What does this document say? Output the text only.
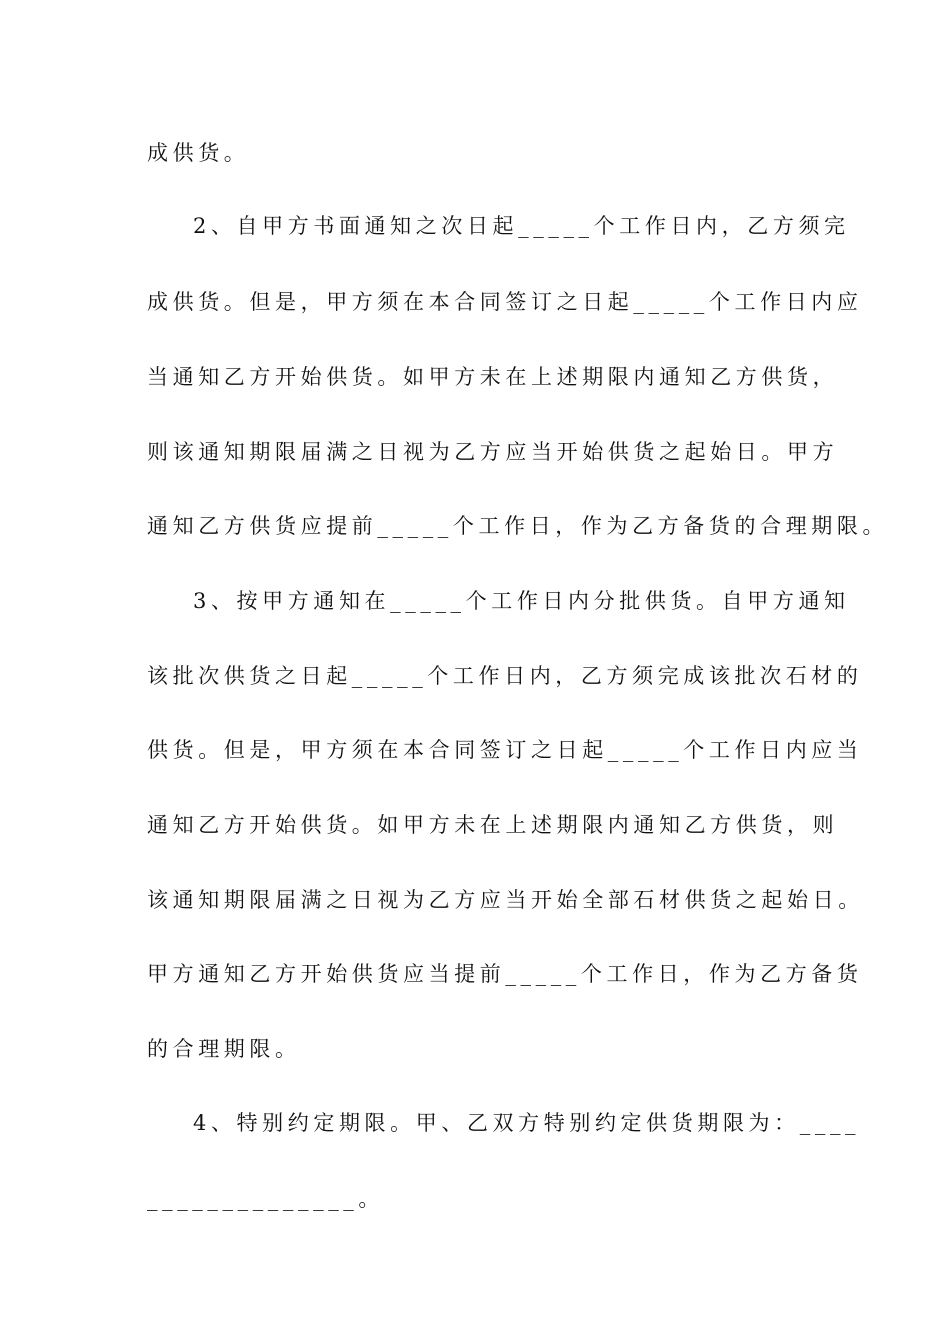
成供货。
2、自甲方书面通知之次日起_____个工作日内，乙方须完
成供货。但是，甲方须在本合同签订之日起_____个工作日内应
当通知乙方开始供货。如甲方未在上述期限内通知乙方供货，
则该通知期限届满之日视为乙方应当开始供货之起始日。甲方
通知乙方供货应提前_____个工作日，作为乙方备货的合理期限。
3、按甲方通知在_____个工作日内分批供货。自甲方通知
该批次供货之日起_____个工作日内，乙方须完成该批次石材的
供货。但是，甲方须在本合同签订之日起_____个工作日内应当
通知乙方开始供货。如甲方未在上述期限内通知乙方供货，则
该通知期限届满之日视为乙方应当开始全部石材供货之起始日。
甲方通知乙方开始供货应当提前_____个工作日，作为乙方备货
的合理期限。
4、特别约定期限。甲、乙双方特别约定供货期限为：____
______________。
